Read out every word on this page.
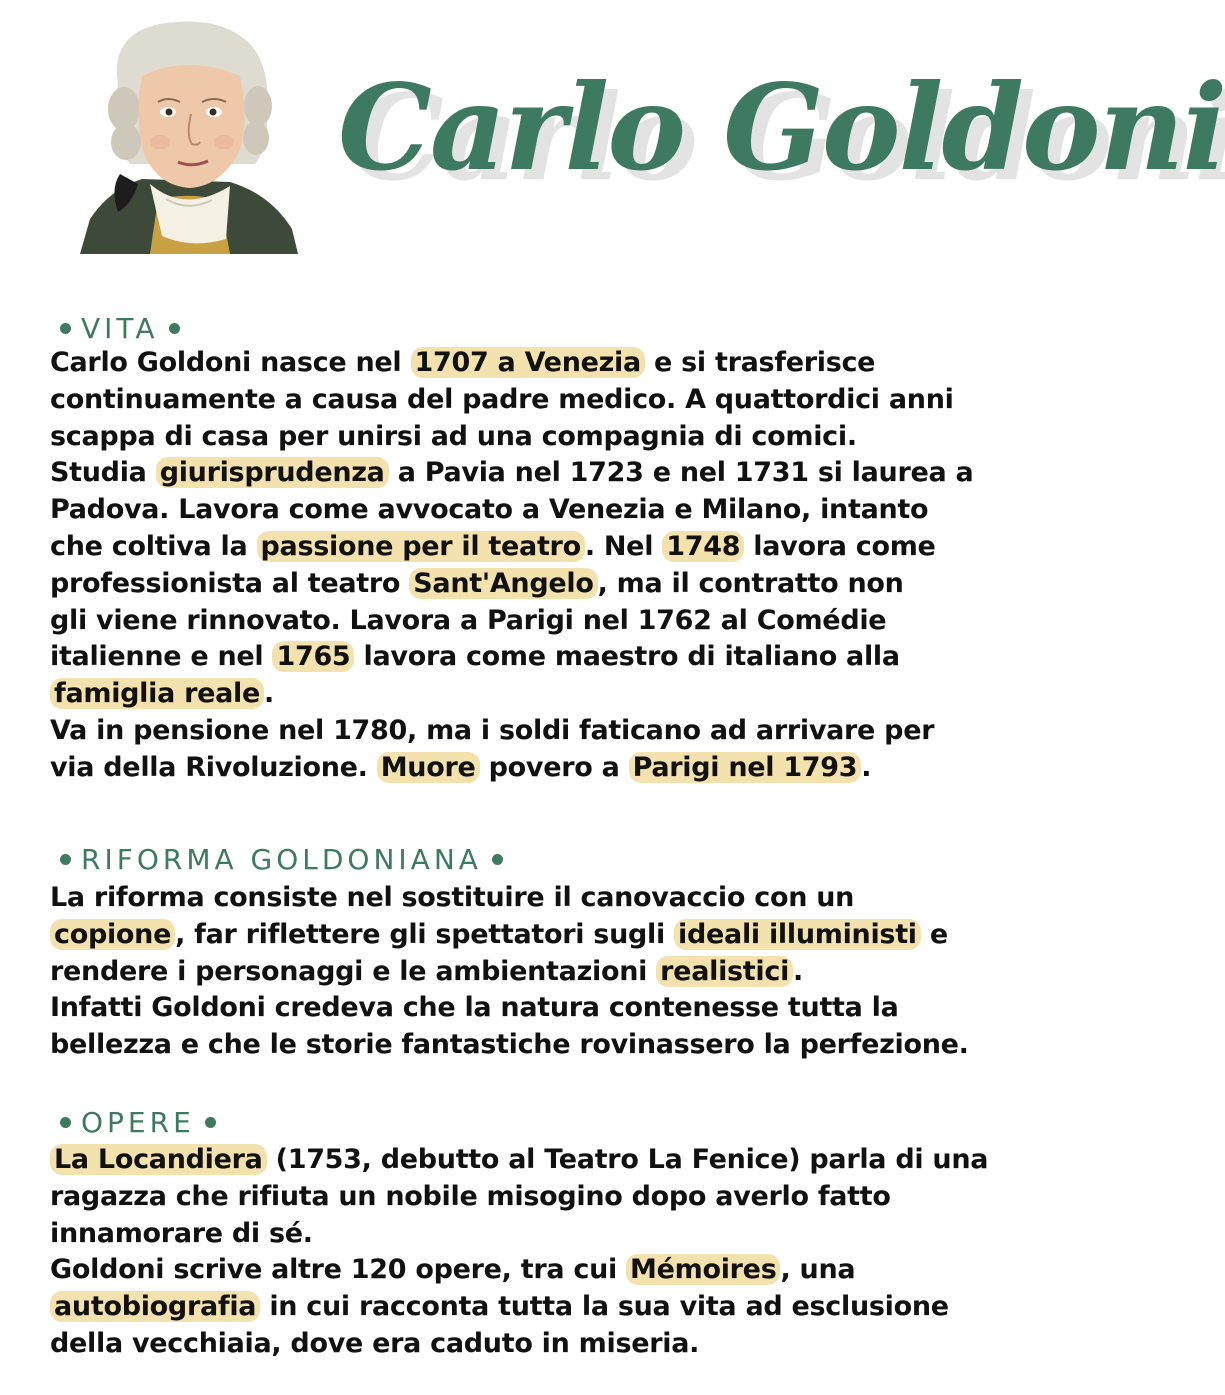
Carlo Goldoni
VITA
Carlo Goldoni nasce nel 1707 a Venezia e si trasferisce
continuamente a causa del padre medico. A quattordici anni
scappa di casa per unirsi ad una compagnia di comici.
Studia giurisprudenza a Pavia nel 1723 e nel 1731 si laurea a
Padova. Lavora come avvocato a Venezia e Milano, intanto
che coltiva la passione per il teatro . Nel 1748 lavora come
professionista al teatro Sant'Angelo , ma il contratto non
gli viene rinnovato. Lavora a Parigi nel 1762 al Comédie
italienne e nel 1765 lavora come maestro di italiano alla
famiglia reale .
Va in pensione nel 1780, ma i soldi faticano ad arrivare per
via della Rivoluzione. Muore povero a Parigi nel 1793 .
RIFORMA GOLDONIANA
La riforma consiste nel sostituire il canovaccio con un
copione , far riflettere gli spettatori sugli ideali illuministi e
rendere i personaggi e le ambientazioni realistici .
Infatti Goldoni credeva che la natura contenesse tutta la
bellezza e che le storie fantastiche rovinassero la perfezione.
OPERE
La Locandiera (1753, debutto al Teatro La Fenice) parla di una
ragazza che rifiuta un nobile misogino dopo averlo fatto
innamorare di sé.
Goldoni scrive altre 120 opere, tra cui Mémoires , una
autobiografia in cui racconta tutta la sua vita ad esclusione
della vecchiaia, dove era caduto in miseria.
